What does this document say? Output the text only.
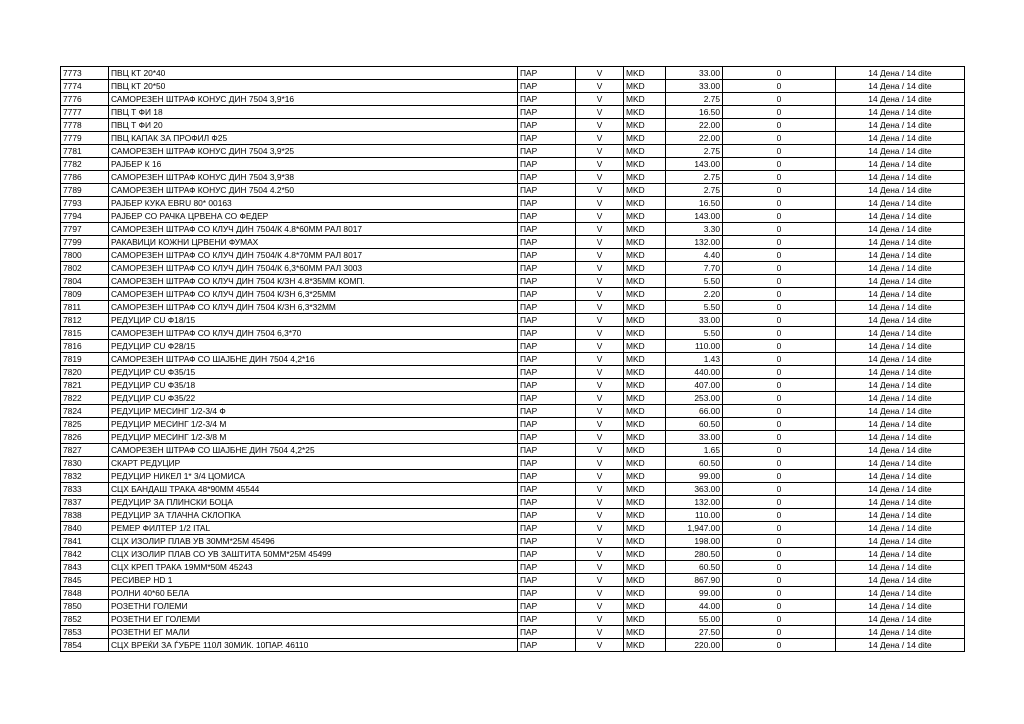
7773	ПВЦ КТ 20*40	ПАР	V	MKD	33.00	0	14 Дена / 14 dite
7774	ПВЦ КТ 20*50	ПАР	V	MKD	33.00	0	14 Дена / 14 dite
7776	САМОРЕЗЕН ШТРАФ КОНУС ДИН 7504 3,9*16	ПАР	V	MKD	2.75	0	14 Дена / 14 dite
7777	ПВЦ Т ФИ 18	ПАР	V	MKD	16.50	0	14 Дена / 14 dite
7778	ПВЦ Т ФИ 20	ПАР	V	MKD	22.00	0	14 Дена / 14 dite
7779	ПВЦ КАПАК ЗА ПРОФИЛ Ф25	ПАР	V	MKD	22.00	0	14 Дена / 14 dite
7781	САМОРЕЗЕН ШТРАФ КОНУС ДИН 7504 3,9*25	ПАР	V	MKD	2.75	0	14 Дена / 14 dite
7782	РАЈБЕР К 16	ПАР	V	MKD	143.00	0	14 Дена / 14 dite
7786	САМОРЕЗЕН ШТРАФ КОНУС ДИН 7504 3,9*38	ПАР	V	MKD	2.75	0	14 Дена / 14 dite
7789	САМОРЕЗЕН ШТРАФ КОНУС ДИН 7504 4.2*50	ПАР	V	MKD	2.75	0	14 Дена / 14 dite
7793	РАЈБЕР КУКА EBRU 80* 00163	ПАР	V	MKD	16.50	0	14 Дена / 14 dite
7794	РАЈБЕР СО РАЧКА ЦРВЕНА СО ФЕДЕР	ПАР	V	MKD	143.00	0	14 Дена / 14 dite
7797	САМОРЕЗЕН ШТРАФ СО КЛУЧ ДИН 7504/К 4.8*60ММ РАЛ 8017	ПАР	V	MKD	3.30	0	14 Дена / 14 dite
7799	РАКАВИЦИ КОЖНИ ЦРВЕНИ ФУМАХ	ПАР	V	MKD	132.00	0	14 Дена / 14 dite
7800	САМОРЕЗЕН ШТРАФ СО КЛУЧ ДИН 7504/К 4.8*70ММ РАЛ 8017	ПАР	V	MKD	4.40	0	14 Дена / 14 dite
7802	САМОРЕЗЕН ШТРАФ СО КЛУЧ ДИН 7504/К 6,3*60ММ РАЛ 3003	ПАР	V	MKD	7.70	0	14 Дена / 14 dite
7804	САМОРЕЗЕН ШТРАФ СО КЛУЧ ДИН 7504 К/ЗН 4.8*35ММ КОМП.	ПАР	V	MKD	5.50	0	14 Дена / 14 dite
7809	САМОРЕЗЕН ШТРАФ СО КЛУЧ ДИН 7504 К/ЗН 6,3*25ММ	ПАР	V	MKD	2.20	0	14 Дена / 14 dite
7811	САМОРЕЗЕН ШТРАФ СО КЛУЧ ДИН 7504 К/ЗН 6,3*32ММ	ПАР	V	MKD	5.50	0	14 Дена / 14 dite
7812	РЕДУЦИР CU Ф18/15	ПАР	V	MKD	33.00	0	14 Дена / 14 dite
7815	САМОРЕЗЕН ШТРАФ СО КЛУЧ ДИН 7504 6,3*70	ПАР	V	MKD	5.50	0	14 Дена / 14 dite
7816	РЕДУЦИР CU Ф28/15	ПАР	V	MKD	110.00	0	14 Дена / 14 dite
7819	САМОРЕЗЕН ШТРАФ СО ШАЈБНЕ ДИН 7504 4,2*16	ПАР	V	MKD	1.43	0	14 Дена / 14 dite
7820	РЕДУЦИР CU Ф35/15	ПАР	V	MKD	440.00	0	14 Дена / 14 dite
7821	РЕДУЦИР CU Ф35/18	ПАР	V	MKD	407.00	0	14 Дена / 14 dite
7822	РЕДУЦИР CU Ф35/22	ПАР	V	MKD	253.00	0	14 Дена / 14 dite
7824	РЕДУЦИР МЕСИНГ 1/2-3/4 Ф	ПАР	V	MKD	66.00	0	14 Дена / 14 dite
7825	РЕДУЦИР МЕСИНГ 1/2-3/4 М	ПАР	V	MKD	60.50	0	14 Дена / 14 dite
7826	РЕДУЦИР МЕСИНГ 1/2-3/8 М	ПАР	V	MKD	33.00	0	14 Дена / 14 dite
7827	САМОРЕЗЕН ШТРАФ СО ШАЈБНЕ ДИН 7504 4,2*25	ПАР	V	MKD	1.65	0	14 Дена / 14 dite
7830	СКАРТ РЕДУЦИР	ПАР	V	MKD	60.50	0	14 Дена / 14 dite
7832	РЕДУЦИР НИКЕЛ 1* 3/4 ЦОМИСА	ПАР	V	MKD	99.00	0	14 Дена / 14 dite
7833	СЦХ БАНДАШ ТРАКА 48*90ММ 45544	ПАР	V	MKD	363.00	0	14 Дена / 14 dite
7837	РЕДУЦИР ЗА ПЛИНСКИ БОЦА	ПАР	V	MKD	132.00	0	14 Дена / 14 dite
7838	РЕДУЦИР ЗА ТЛАЧНА СКЛОПКА	ПАР	V	MKD	110.00	0	14 Дена / 14 dite
7840	РЕМЕР ФИЛТЕР 1/2 ITAL	ПАР	V	MKD	1,947.00	0	14 Дена / 14 dite
7841	СЦХ ИЗОЛИР ПЛАВ УВ 30ММ*25М 45496	ПАР	V	MKD	198.00	0	14 Дена / 14 dite
7842	СЦХ ИЗОЛИР ПЛАВ СО УВ ЗАШТИТА 50ММ*25М 45499	ПАР	V	MKD	280.50	0	14 Дена / 14 dite
7843	СЦХ КРЕП ТРАКА 19ММ*50М 45243	ПАР	V	MKD	60.50	0	14 Дена / 14 dite
7845	РЕСИВЕР HD 1	ПАР	V	MKD	867.90	0	14 Дена / 14 dite
7848	РОЛНИ 40*60 БЕЛА	ПАР	V	MKD	99.00	0	14 Дена / 14 dite
7850	РОЗЕТНИ ГОЛЕМИ	ПАР	V	MKD	44.00	0	14 Дена / 14 dite
7852	РОЗЕТНИ ЕГ ГОЛЕМИ	ПАР	V	MKD	55.00	0	14 Дена / 14 dite
7853	РОЗЕТНИ ЕГ МАЛИ	ПАР	V	MKD	27.50	0	14 Дена / 14 dite
7854	СЦХ ВРЕЌИ ЗА ЃУБРЕ 110Л 30МИК. 10ПАР. 46110	ПАР	V	MKD	220.00	0	14 Дена / 14 dite
